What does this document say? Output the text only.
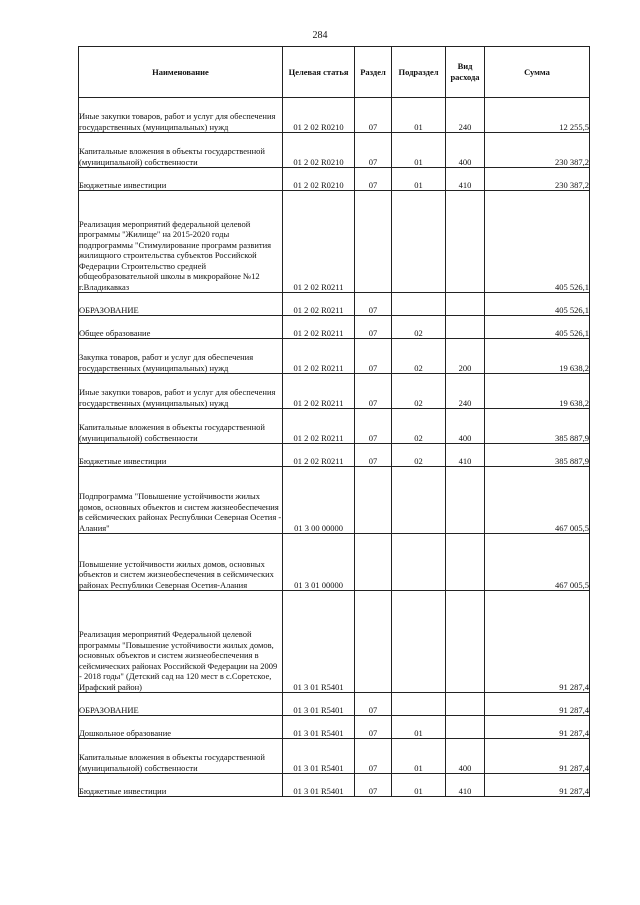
284
Наименование	Целевая статья	Раздел	Подраздел	Вид расхода	Сумма
Иные закупки товаров, работ и услуг для обеспечения государственных (муниципальных) нужд	01 2 02 R0210	07	01	240	12 255,5
Капитальные вложения в объекты государственной (муниципальной) собственности	01 2 02 R0210	07	01	400	230 387,2
Бюджетные инвестиции	01 2 02 R0210	07	01	410	230 387,2
Реализация мероприятий федеральной целевой программы "Жилище" на 2015-2020 годы подпрограммы "Стимулирование программ развития жилищного строительства субъектов Российской Федерации Строительство средней общеобразовательной школы в микрорайоне №12 г.Владикавказ	01 2 02 R0211				405 526,1
ОБРАЗОВАНИЕ	01 2 02 R0211	07			405 526,1
Общее образование	01 2 02 R0211	07	02		405 526,1
Закупка товаров, работ и услуг для обеспечения государственных (муниципальных) нужд	01 2 02 R0211	07	02	200	19 638,2
Иные закупки товаров, работ и услуг для обеспечения государственных (муниципальных) нужд	01 2 02 R0211	07	02	240	19 638,2
Капитальные вложения в объекты государственной (муниципальной) собственности	01 2 02 R0211	07	02	400	385 887,9
Бюджетные инвестиции	01 2 02 R0211	07	02	410	385 887,9
Подпрограмма "Повышение устойчивости жилых домов, основных объектов и систем жизнеобеспечения в сейсмических районах Республики Северная Осетия - Алания"	01 3 00 00000				467 005,5
Повышение устойчивости жилых домов, основных объектов и систем жизнеобеспечения в сейсмических районах Республики Северная Осетия-Алания	01 3 01 00000				467 005,5
Реализация мероприятий Федеральной целевой программы "Повышение устойчивости жилых домов, основных объектов и систем жизнеобеспечения в сейсмических районах Российской Федерации на 2009 - 2018 годы" (Детский сад на 120 мест в с.Соретское, Ирафский район)	01 3 01 R5401				91 287,4
ОБРАЗОВАНИЕ	01 3 01 R5401	07			91 287,4
Дошкольное образование	01 3 01 R5401	07	01		91 287,4
Капитальные вложения в объекты государственной (муниципальной) собственности	01 3 01 R5401	07	01	400	91 287,4
Бюджетные инвестиции	01 3 01 R5401	07	01	410	91 287,4
